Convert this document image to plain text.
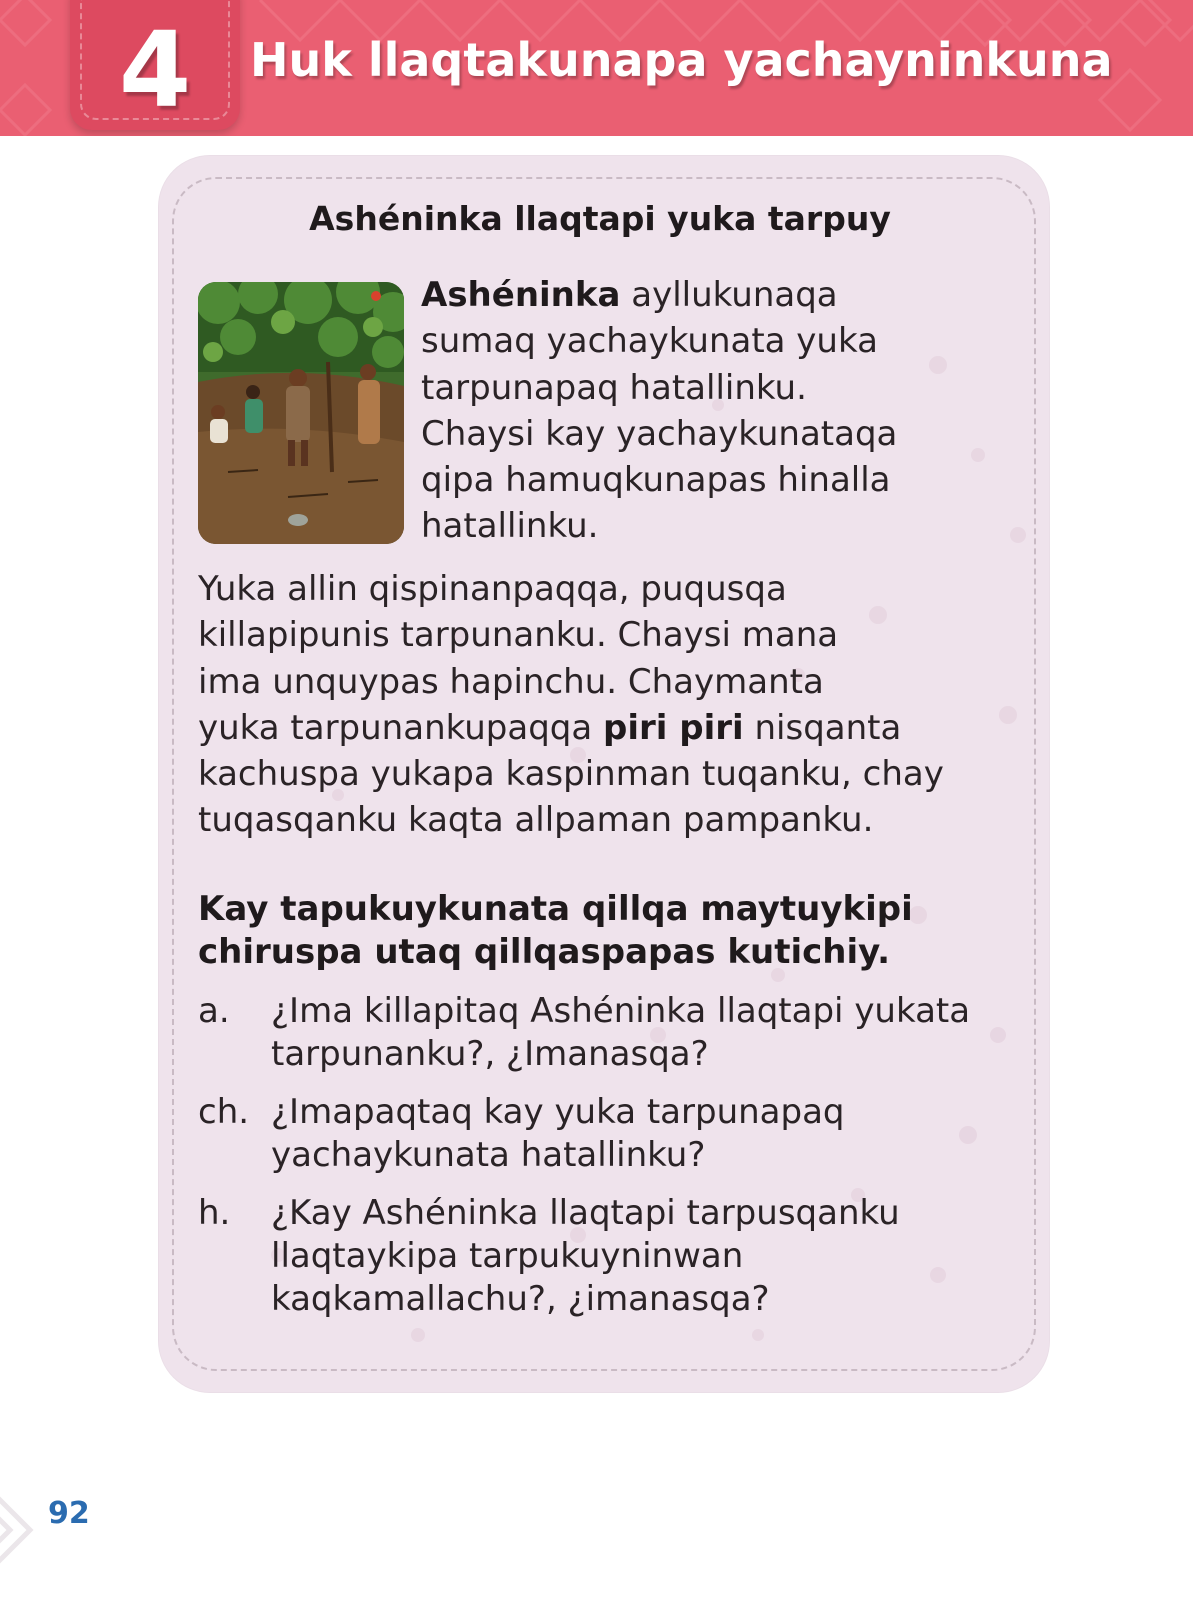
4	Huk llaqtakunapa yachayninkuna
Ashéninka llaqtapi yuka tarpuy
Ashéninka ayllukunaqa
sumaq yachaykunata yuka
tarpunapaq hatallinku.
Chaysi kay yachaykunataqa
qipa hamuqkunapas hinalla
hatallinku.
Yuka allin qispinanpaqqa, puqusqa
killapipunis tarpunanku. Chaysi mana
ima unquypas hapinchu. Chaymanta
yuka tarpunankupaqqa piri piri nisqanta
kachuspa yukapa kaspinman tuqanku, chay
tuqasqanku kaqta allpaman pampanku.
Kay tapukuykunata qillqa maytuykipi
chiruspa utaq qillqaspapas kutichiy.
a. ¿Ima killapitaq Ashéninka llaqtapi yukata
tarpunanku?, ¿Imanasqa?
ch. ¿Imapaqtaq kay yuka tarpunapaq
yachaykunata hatallinku?
h. ¿Kay Ashéninka llaqtapi tarpusqanku
llaqtaykipa tarpukuyninwan
kaqkamallachu?, ¿imanasqa?
92
